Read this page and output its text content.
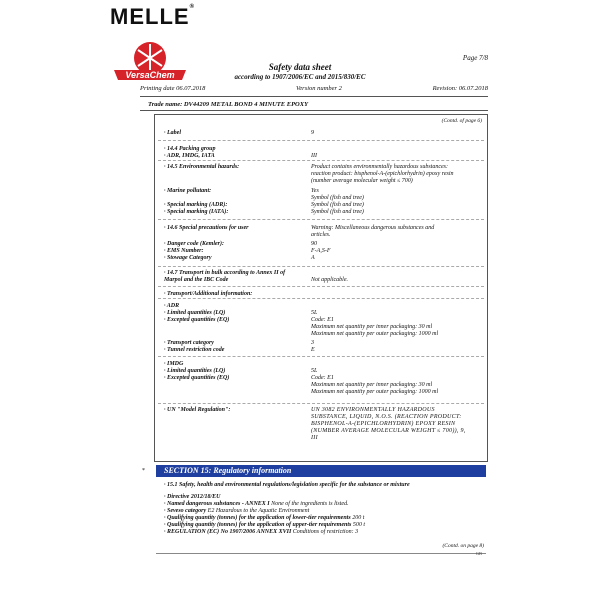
MELLE®
VersaChem
Page 7/8
Safety data sheet
according to 1907/2006/EC and 2015/830/EC
Printing date 06.07.2018	Version number 2	Revision: 06.07.2018
Trade name: DV44209 METAL BOND 4 MINUTE EPOXY
(Contd. of page 6)
· Label	9
· 14.4 Packing group
· ADR, IMDG, IATA	III
· 14.5 Environmental hazards:	Product contains environmentally hazardous substances:
reaction product: bisphenol-A-(epichlorhydrin) epoxy resin
(number average molecular weight ≤ 700)
· Marine pollutant:	Yes
Symbol (fish and tree)
· Special marking (ADR):	Symbol (fish and tree)
· Special marking (IATA):	Symbol (fish and tree)
· 14.6 Special precautions for user	Warning: Miscellaneous dangerous substances and
articles.
· Danger code (Kemler):	90
· EMS Number:	F-A,S-F
· Stowage Category	A
· 14.7 Transport in bulk according to Annex II of
Marpol and the IBC Code	Not applicable.
· Transport/Additional information:
· ADR
· Limited quantities (LQ)	5L
· Excepted quantities (EQ)	Code: E1
Maximum net quantity per inner packaging: 30 ml
Maximum net quantity per outer packaging: 1000 ml
· Transport category	3
· Tunnel restriction code	E
· IMDG
· Limited quantities (LQ)	5L
· Excepted quantities (EQ)	Code: E1
Maximum net quantity per inner packaging: 30 ml
Maximum net quantity per outer packaging: 1000 ml
· UN "Model Regulation":	UN 3082 ENVIRONMENTALLY HAZARDOUS
SUBSTANCE, LIQUID, N.O.S. (REACTION PRODUCT:
BISPHENOL-A-(EPICHLORHYDRIN) EPOXY RESIN
(NUMBER AVERAGE MOLECULAR WEIGHT ≤ 700)), 9,
III
* SECTION 15: Regulatory information
· 15.1 Safety, health and environmental regulations/legislation specific for the substance or mixture
· Directive 2012/18/EU
· Named dangerous substances - ANNEX I None of the ingredients is listed.
· Seveso category E2 Hazardous to the Aquatic Environment
· Qualifying quantity (tonnes) for the application of lower-tier requirements 200 t
· Qualifying quantity (tonnes) for the application of upper-tier requirements 500 t
· REGULATION (EC) No 1907/2006 ANNEX XVII Conditions of restriction: 3
(Contd. on page 8)
GB
